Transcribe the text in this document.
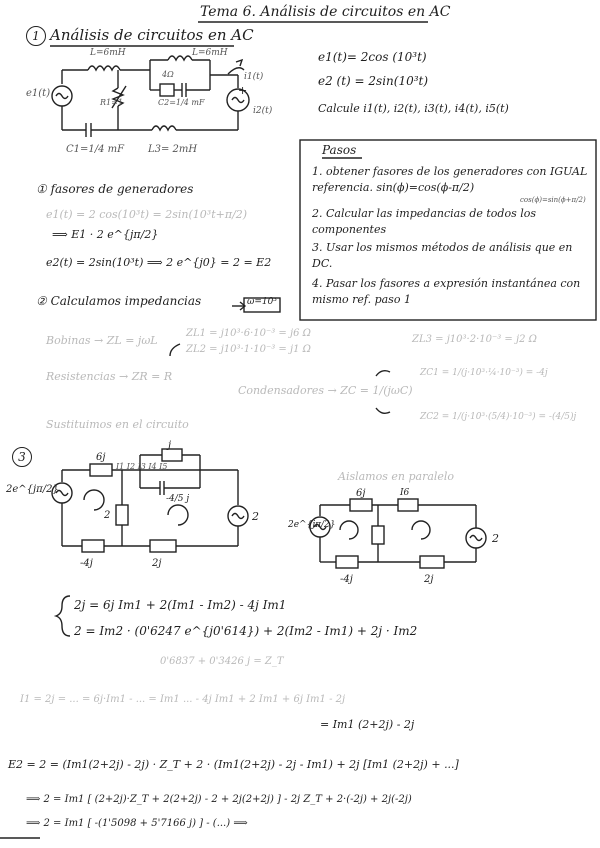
Tema 6. Análisis de circuitos en AC
1 Análisis de circuitos en AC
L=6mH	L=6mH
i1(t)
4Ω
C2=1/4 mF
R1=1
i2(t)
e1(t)	+
C1=1/4 mF L3= 2mH
e1(t)= 2cos (10³t)
e2 (t) = 2sin(10³t)
Calcule i1(t), i2(t), i3(t), i4(t), i5(t)
Pasos
1. obtener fasores de los generadores con IGUAL referencia. sin(ϕ)=cos(ϕ-π/2)
cos(ϕ)=sin(ϕ+π/2)
2. Calcular las impedancias de todos los componentes
3. Usar los mismos métodos de análisis que en DC.
4. Pasar los fasores a expresión instantánea con mismo ref. paso 1
① fasores de generadores
e1(t) = 2 cos(10³t) = 2sin(10³t+π/2)
⟹ E1 · 2 e^{jπ/2}
e2(t) = 2sin(10³t) ⟹ 2 e^{j0} = 2 = E2
② Calculamos impedancias	ω=10³
Bobinas → ZL = jωL
ZL1 = j10³·6·10⁻³ = j6 Ω
ZL2 = j10³·1·10⁻³ = j1 Ω
ZL3 = j10³·2·10⁻³ = j2 Ω
Resistencias → ZR = R
Condensadores → ZC = 1/(jωC)
ZC1 = 1/(j·10³·¼·10⁻³) = -4j
ZC2 = 1/(j·10³·(5/4)·10⁻³) = -(4/5)j
Sustituimos en el circuito
3
2e^{jπ/2}
2
6j
j
2
-4/5 j
-4j	2j
I1 I2 I3 I4 I5
Aislamos en paralelo
2e^{jπ/2}
2
6j	I6
-4j	2j
2j = 6j Im1 + 2(Im1 - Im2) - 4j Im1
2 = Im2 · (0'6247 e^{j0'614}) + 2(Im2 - Im1) + 2j · Im2
0'6837 + 0'3426 j = Z_T
I1 = 2j = ... = 6j·Im1 - ... = Im1 ... - 4j Im1 + 2 Im1 + 6j Im1 - 2j
= Im1 (2+2j) - 2j
E2 = 2 = (Im1(2+2j) - 2j) · Z_T + 2 · (Im1(2+2j) - 2j - Im1) + 2j [Im1 (2+2j) + ...]
⟹ 2 = Im1 [ (2+2j)·Z_T + 2(2+2j) - 2 + 2j(2+2j) ] - 2j Z_T + 2·(-2j) + 2j(-2j)
⟹ 2 = Im1 [ -(1'5098 + 5'7166 j) ] - (...) ⟹
